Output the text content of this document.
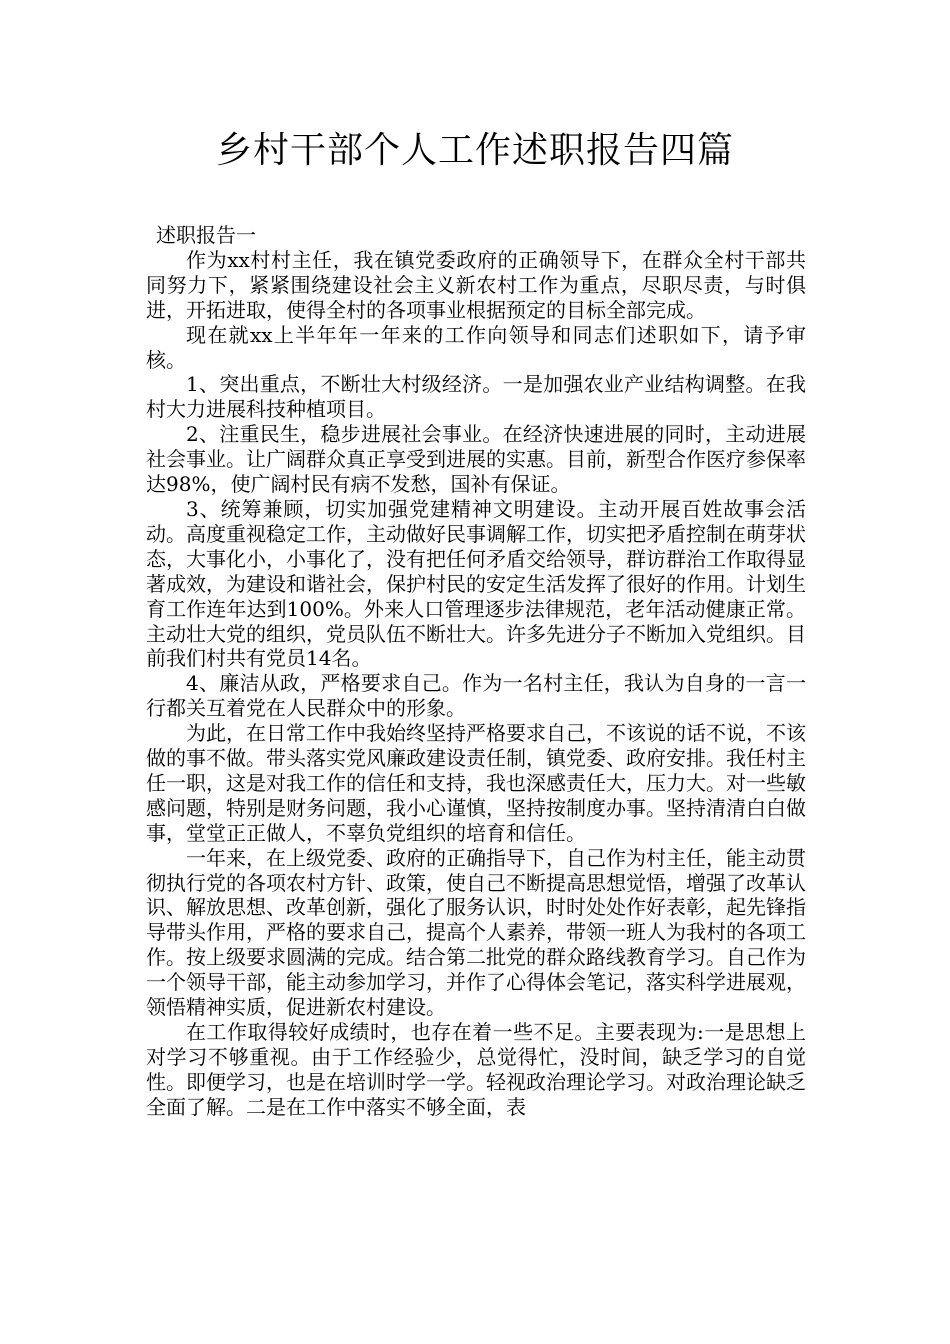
乡村干部个人工作述职报告四篇
述职报告一

作为xx村村主任，我在镇党委政府的正确领导下，在群众全村干部共同努力下，紧紧围绕建设社会主义新农村工作为重点，尽职尽责，与时俱进，开拓进取，使得全村的各项事业根据预定的目标全部完成。

现在就xx上半年年一年来的工作向领导和同志们述职如下，请予审核。

1、突出重点，不断壮大村级经济。一是加强农业产业结构调整。在我村大力进展科技种植项目。

2、注重民生，稳步进展社会事业。在经济快速进展的同时，主动进展社会事业。让广阔群众真正享受到进展的实惠。目前，新型合作医疗参保率达98%，使广阔村民有病不发愁，国补有保证。

3、统筹兼顾，切实加强党建精神文明建设。主动开展百姓故事会活动。高度重视稳定工作，主动做好民事调解工作，切实把矛盾控制在萌芽状态，大事化小，小事化了，没有把任何矛盾交给领导，群访群治工作取得显著成效，为建设和谐社会，保护村民的安定生活发挥了很好的作用。计划生育工作连年达到100%。外来人口管理逐步法律规范，老年活动健康正常。主动壮大党的组织，党员队伍不断壮大。许多先进分子不断加入党组织。目前我们村共有党员14名。

4、廉洁从政，严格要求自己。作为一名村主任，我认为自身的一言一行都关互着党在人民群众中的形象。

为此，在日常工作中我始终坚持严格要求自己，不该说的话不说，不该做的事不做。带头落实党风廉政建设责任制，镇党委、政府安排。我任村主任一职，这是对我工作的信任和支持，我也深感责任大，压力大。对一些敏感问题，特别是财务问题，我小心谨慎，坚持按制度办事。坚持清清白白做事，堂堂正正做人，不辜负党组织的培育和信任。

一年来，在上级党委、政府的正确指导下，自己作为村主任，能主动贯彻执行党的各项农村方针、政策，使自己不断提高思想觉悟，增强了改革认识、解放思想、改革创新，强化了服务认识，时时处处作好表彰，起先锋指导带头作用，严格的要求自己，提高个人素养，带领一班人为我村的各项工作。按上级要求圆满的完成。结合第二批党的群众路线教育学习。自己作为一个领导干部，能主动参加学习，并作了心得体会笔记，落实科学进展观，领悟精神实质，促进新农村建设。

在工作取得较好成绩时，也存在着一些不足。主要表现为:一是思想上对学习不够重视。由于工作经验少，总觉得忙，没时间，缺乏学习的自觉性。即便学习，也是在培训时学一学。轻视政治理论学习。对政治理论缺乏全面了解。二是在工作中落实不够全面，表
